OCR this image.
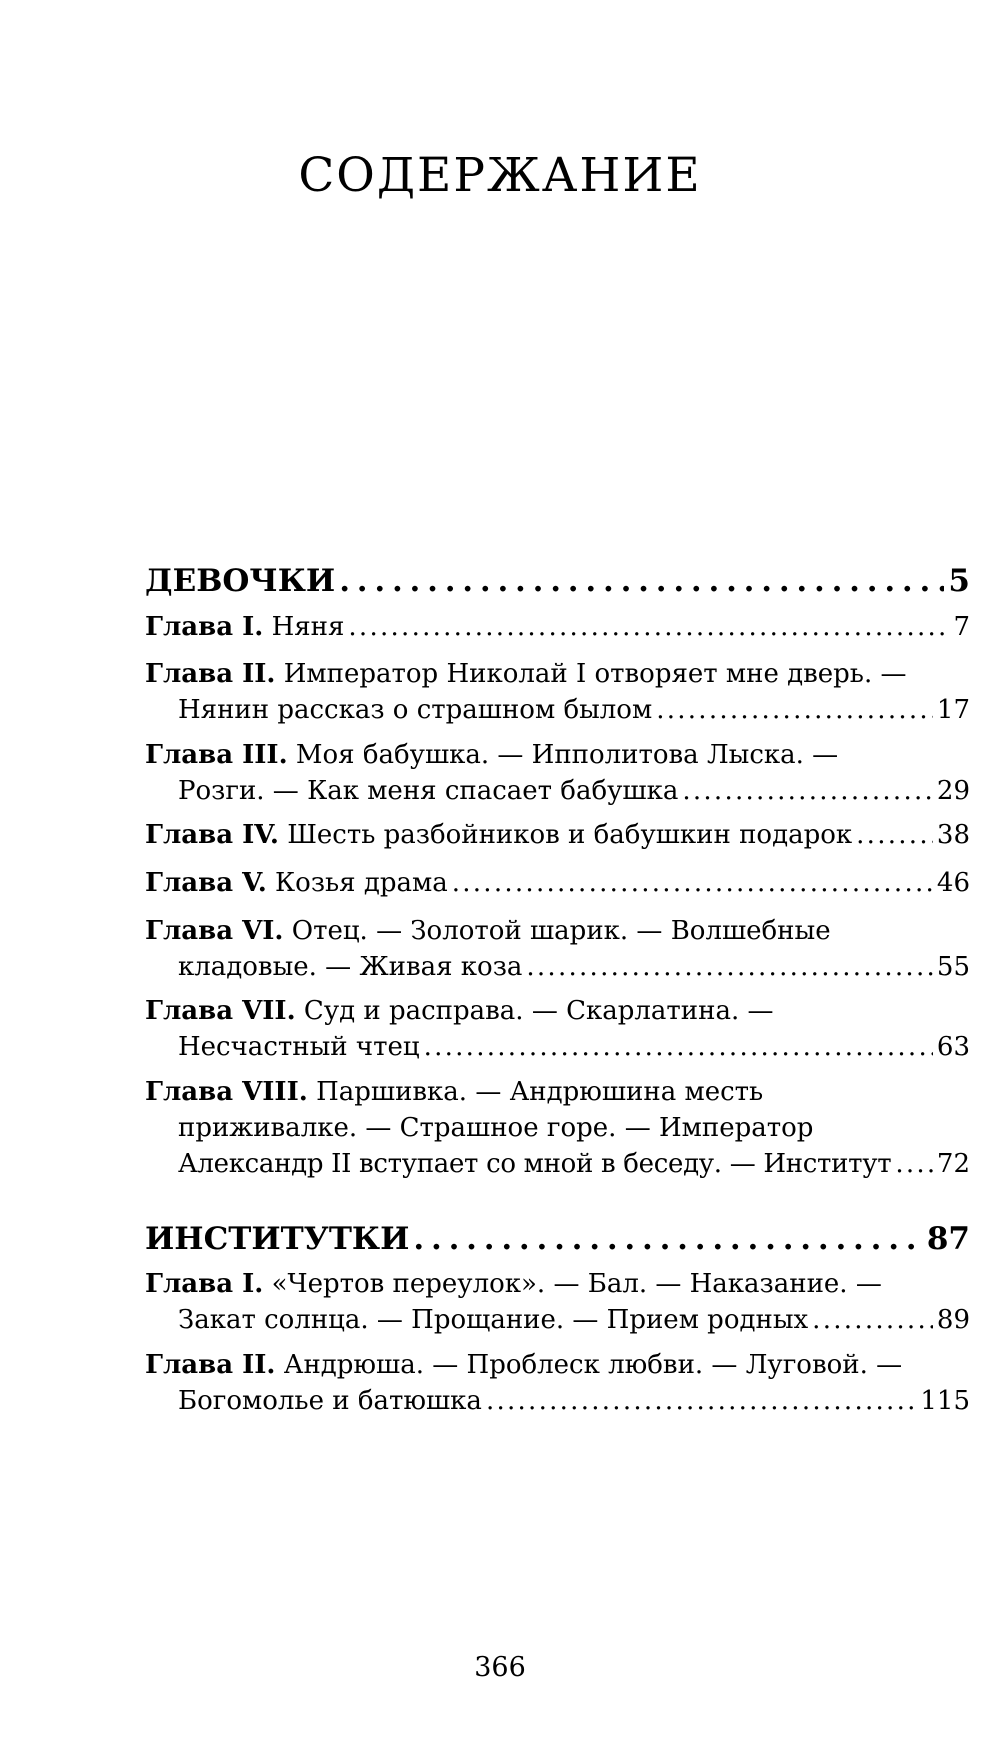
СОДЕРЖАНИЕ
ДЕВОЧКИ . . .	5
Глава I.
Няня . . .	7
Глава II.
Император Николай I отворяет мне дверь. —
Нянин рассказ о страшном былом . . .	17
Глава III.
Моя бабушка. — Ипполитова Лыска. —
Розги. — Как меня спасает бабушка . . .	29
Глава IV.
Шесть разбойников и бабушкин подарок . . .	38
Глава V.
Козья драма . . .	46
Глава VI.
Отец. — Золотой шарик. — Волшебные
кладовые. — Живая коза . . .	55
Глава VII.
Суд и расправа. — Скарлатина. —
Несчастный чтец . . .	63
Глава VIII.
Паршивка. — Андрюшина месть
приживалке. — Страшное горе. — Император
Александр II вступает со мной в беседу. — Институт . . . 72
ИНСТИТУТКИ . . .	87
Глава I.
«Чертов переулок». — Бал. — Наказание. —
Закат солнца. — Прощание. — Прием родных . . .	89
Глава II.
Андрюша. — Проблеск любви. — Луговой. —
Богомолье и батюшка . . .	115
366
